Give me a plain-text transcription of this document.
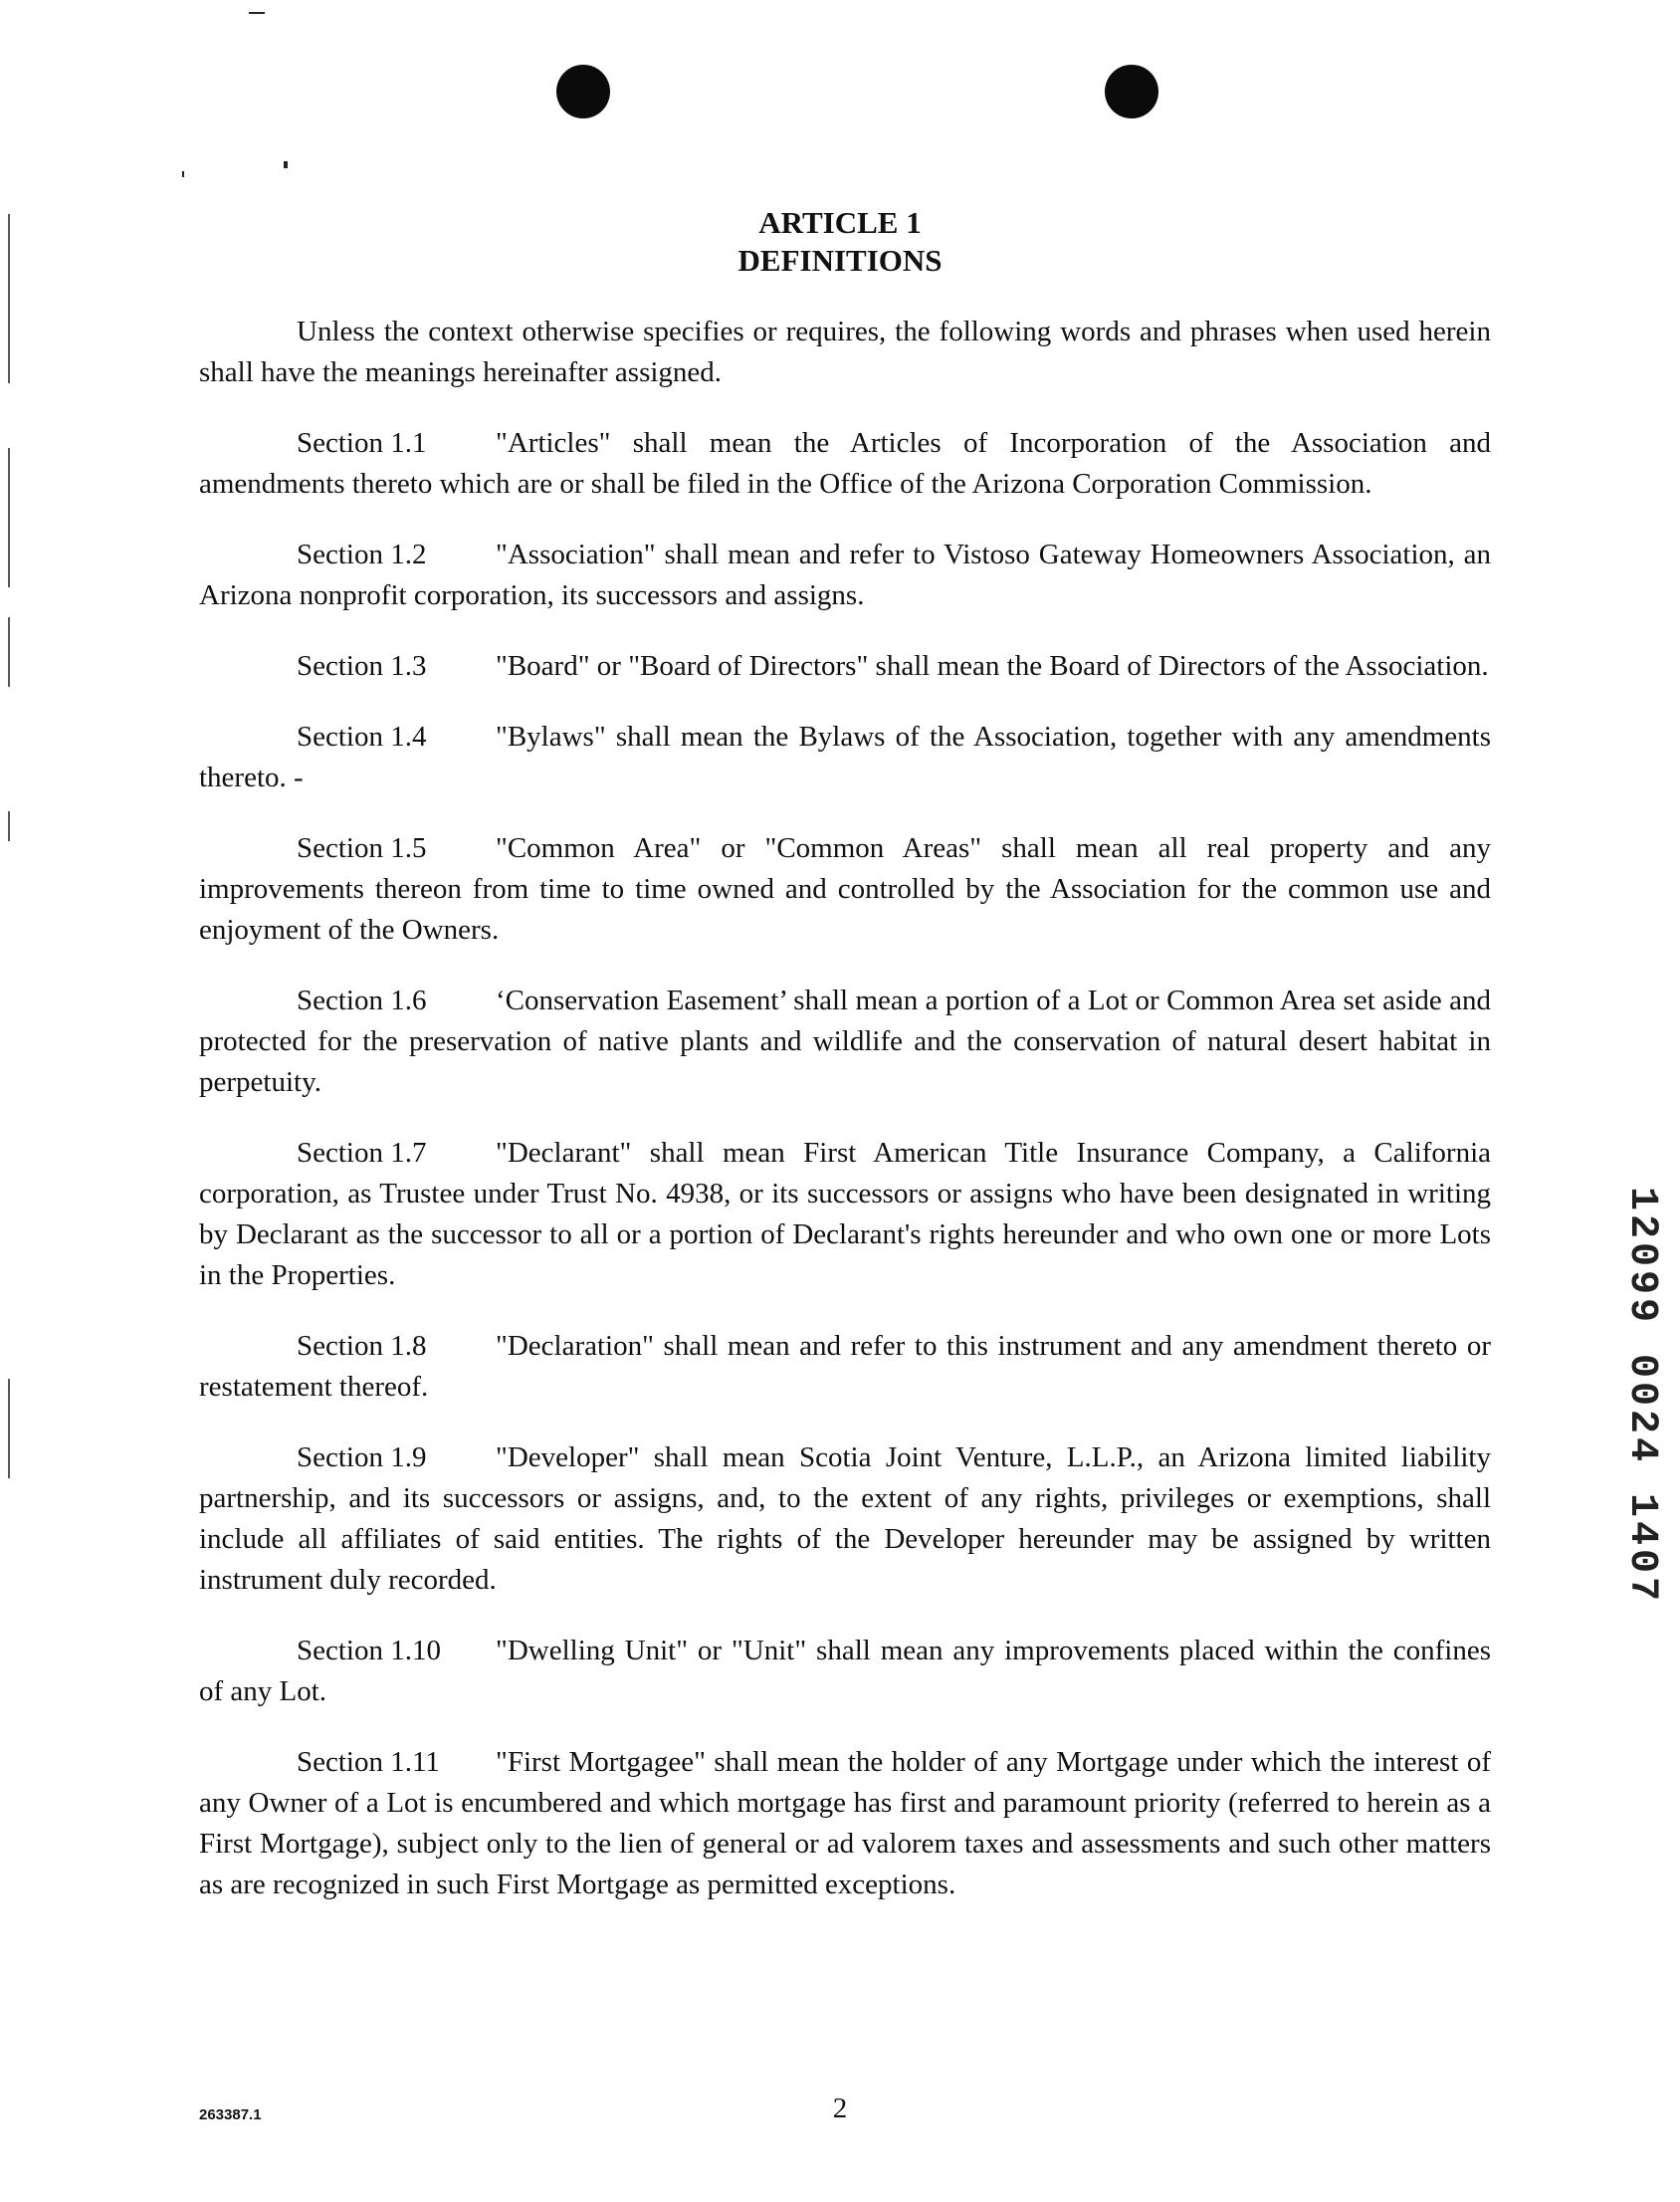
ARTICLE 1
DEFINITIONS

Unless the context otherwise specifies or requires, the following words and phrases when used herein shall have the meanings hereinafter assigned.

Section 1.1 "Articles" shall mean the Articles of Incorporation of the Association and amendments thereto which are or shall be filed in the Office of the Arizona Corporation Commission.

Section 1.2 "Association" shall mean and refer to Vistoso Gateway Homeowners Association, an Arizona nonprofit corporation, its successors and assigns.

Section 1.3 "Board" or "Board of Directors" shall mean the Board of Directors of the Association.

Section 1.4 "Bylaws" shall mean the Bylaws of the Association, together with any amendments thereto. -

Section 1.5 "Common Area" or "Common Areas" shall mean all real property and any improvements thereon from time to time owned and controlled by the Association for the common use and enjoyment of the Owners.

Section 1.6 ‘Conservation Easement’ shall mean a portion of a Lot or Common Area set aside and protected for the preservation of native plants and wildlife and the conservation of natural desert habitat in perpetuity.

Section 1.7 "Declarant" shall mean First American Title Insurance Company, a California corporation, as Trustee under Trust No. 4938, or its successors or assigns who have been designated in writing by Declarant as the successor to all or a portion of Declarant's rights hereunder and who own one or more Lots in the Properties.

Section 1.8 "Declaration" shall mean and refer to this instrument and any amendment thereto or restatement thereof.

Section 1.9 "Developer" shall mean Scotia Joint Venture, L.L.P., an Arizona limited liability partnership, and its successors or assigns, and, to the extent of any rights, privileges or exemptions, shall include all affiliates of said entities. The rights of the Developer hereunder may be assigned by written instrument duly recorded.

Section 1.10 "Dwelling Unit" or "Unit" shall mean any improvements placed within the confines of any Lot.

Section 1.11 "First Mortgagee" shall mean the holder of any Mortgage under which the interest of any Owner of a Lot is encumbered and which mortgage has first and paramount priority (referred to herein as a First Mortgage), subject only to the lien of general or ad valorem taxes and assessments and such other matters as are recognized in such First Mortgage as permitted exceptions.

12099 0024 1407
263387.1	2
